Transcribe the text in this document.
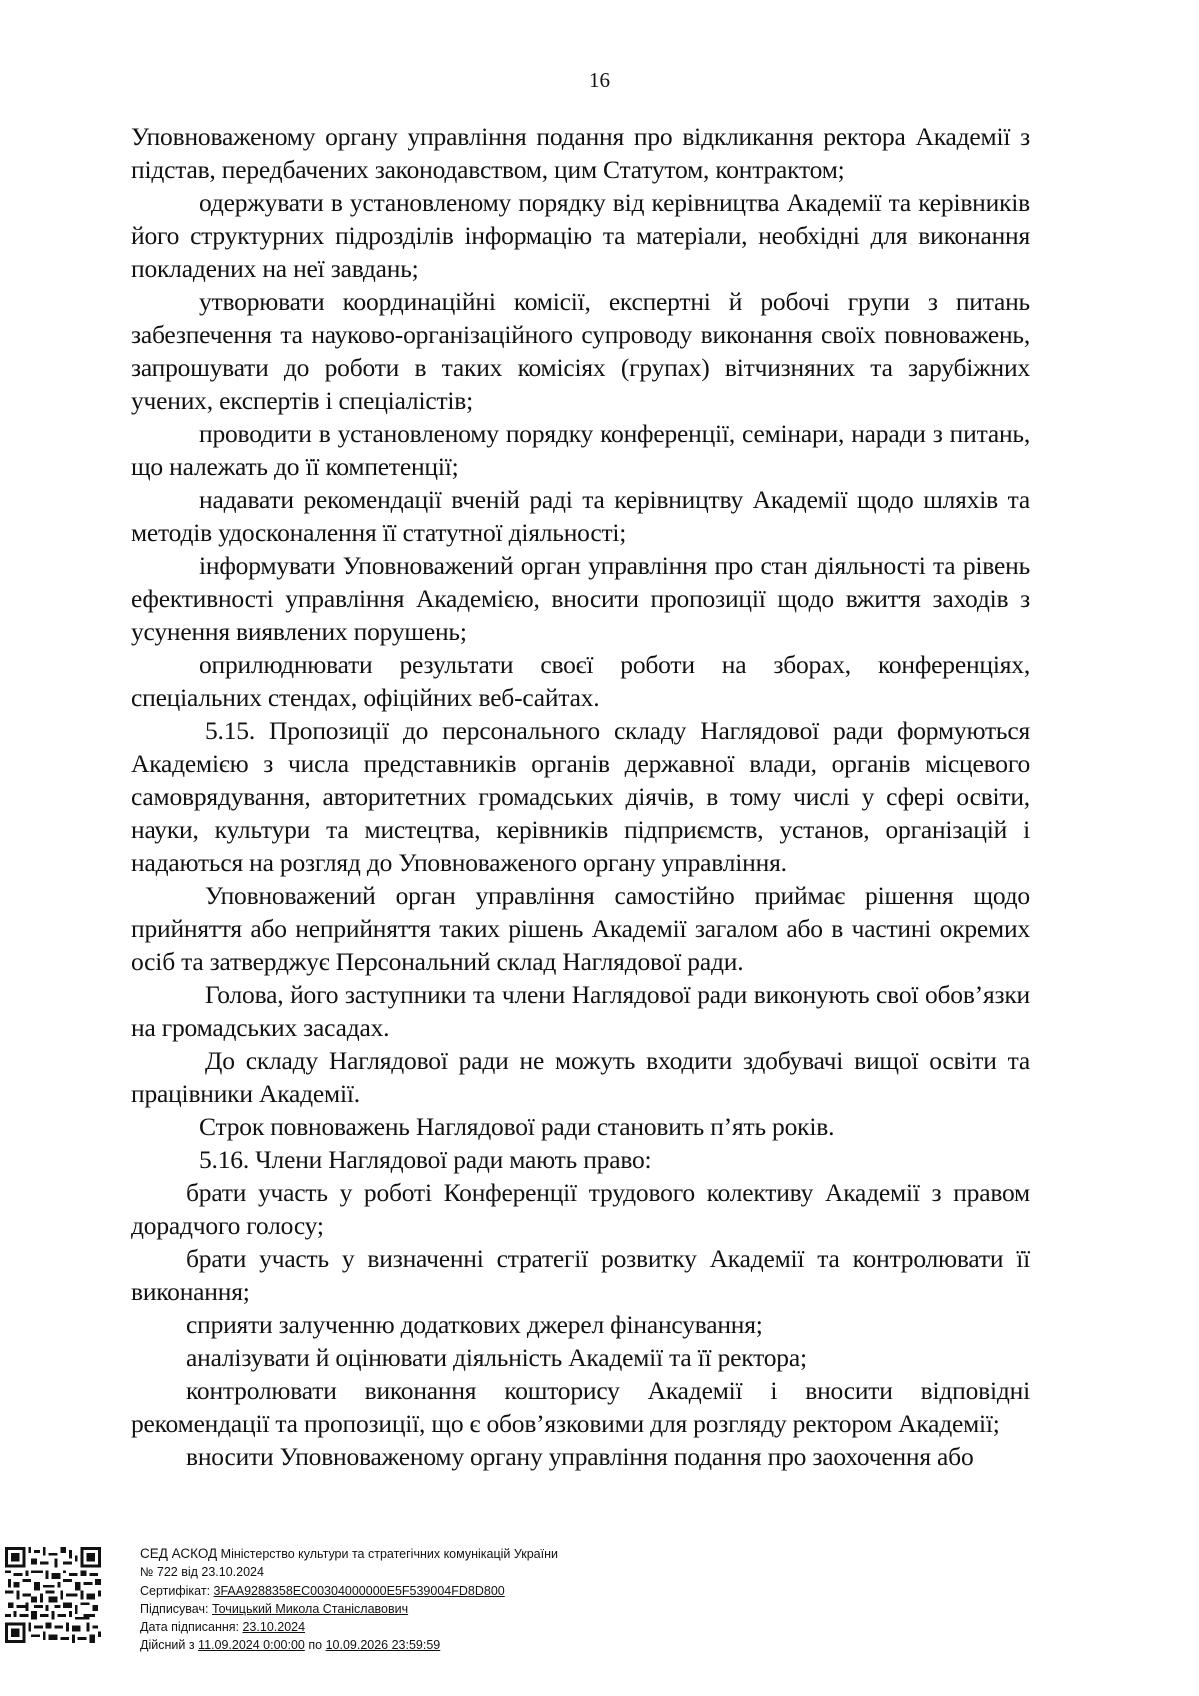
16

Уповноваженому органу управління подання про відкликання ректора Академії з підстав, передбачених законодавством, цим Статутом, контрактом;

одержувати в установленому порядку від керівництва Академії та керівників його структурних підрозділів інформацію та матеріали, необхідні для виконання покладених на неї завдань;

утворювати координаційні комісії, експертні й робочі групи з питань забезпечення та науково-організаційного супроводу виконання своїх повноважень, запрошувати до роботи в таких комісіях (групах) вітчизняних та зарубіжних учених, експертів і спеціалістів;

проводити в установленому порядку конференції, семінари, наради з питань, що належать до її компетенції;

надавати рекомендації вченій раді та керівництву Академії щодо шляхів та методів удосконалення її статутної діяльності;

інформувати Уповноважений орган управління про стан діяльності та рівень ефективності управління Академією, вносити пропозиції щодо вжиття заходів з усунення виявлених порушень;

оприлюднювати результати своєї роботи на зборах, конференціях, спеціальних стендах, офіційних веб-сайтах.

5.15. Пропозиції до персонального складу Наглядової ради формуються Академією з числа представників органів державної влади, органів місцевого самоврядування, авторитетних громадських діячів, в тому числі у сфері освіти, науки, культури та мистецтва, керівників підприємств, установ, організацій і надаються на розгляд до Уповноваженого органу управління.

Уповноважений орган управління самостійно приймає рішення щодо прийняття або неприйняття таких рішень Академії загалом або в частині окремих осіб та затверджує Персональний склад Наглядової ради.

Голова, його заступники та члени Наглядової ради виконують свої обов’язки на громадських засадах.

До складу Наглядової ради не можуть входити здобувачі вищої освіти та працівники Академії.

Строк повноважень Наглядової ради становить п’ять років.

5.16. Члени Наглядової ради мають право:

брати участь у роботі Конференції трудового колективу Академії з правом дорадчого голосу;

брати участь у визначенні стратегії розвитку Академії та контролювати її виконання;

сприяти залученню додаткових джерел фінансування;

аналізувати й оцінювати діяльність Академії та її ректора;

контролювати виконання кошторису Академії і вносити відповідні рекомендації та пропозиції, що є обов’язковими для розгляду ректором Академії;

вносити Уповноваженому органу управління подання про заохочення або

СЕД АСКОД Міністерство культури та стратегічних комунікацій України
№ 722 від 23.10.2024
Сертифікат: 3FAA9288358EC00304000000E5F539004FD8D800
Підписувач: Точицький Микола Станіславович
Дата підписання: 23.10.2024
Дійсний з 11.09.2024 0:00:00 по 10.09.2026 23:59:59
